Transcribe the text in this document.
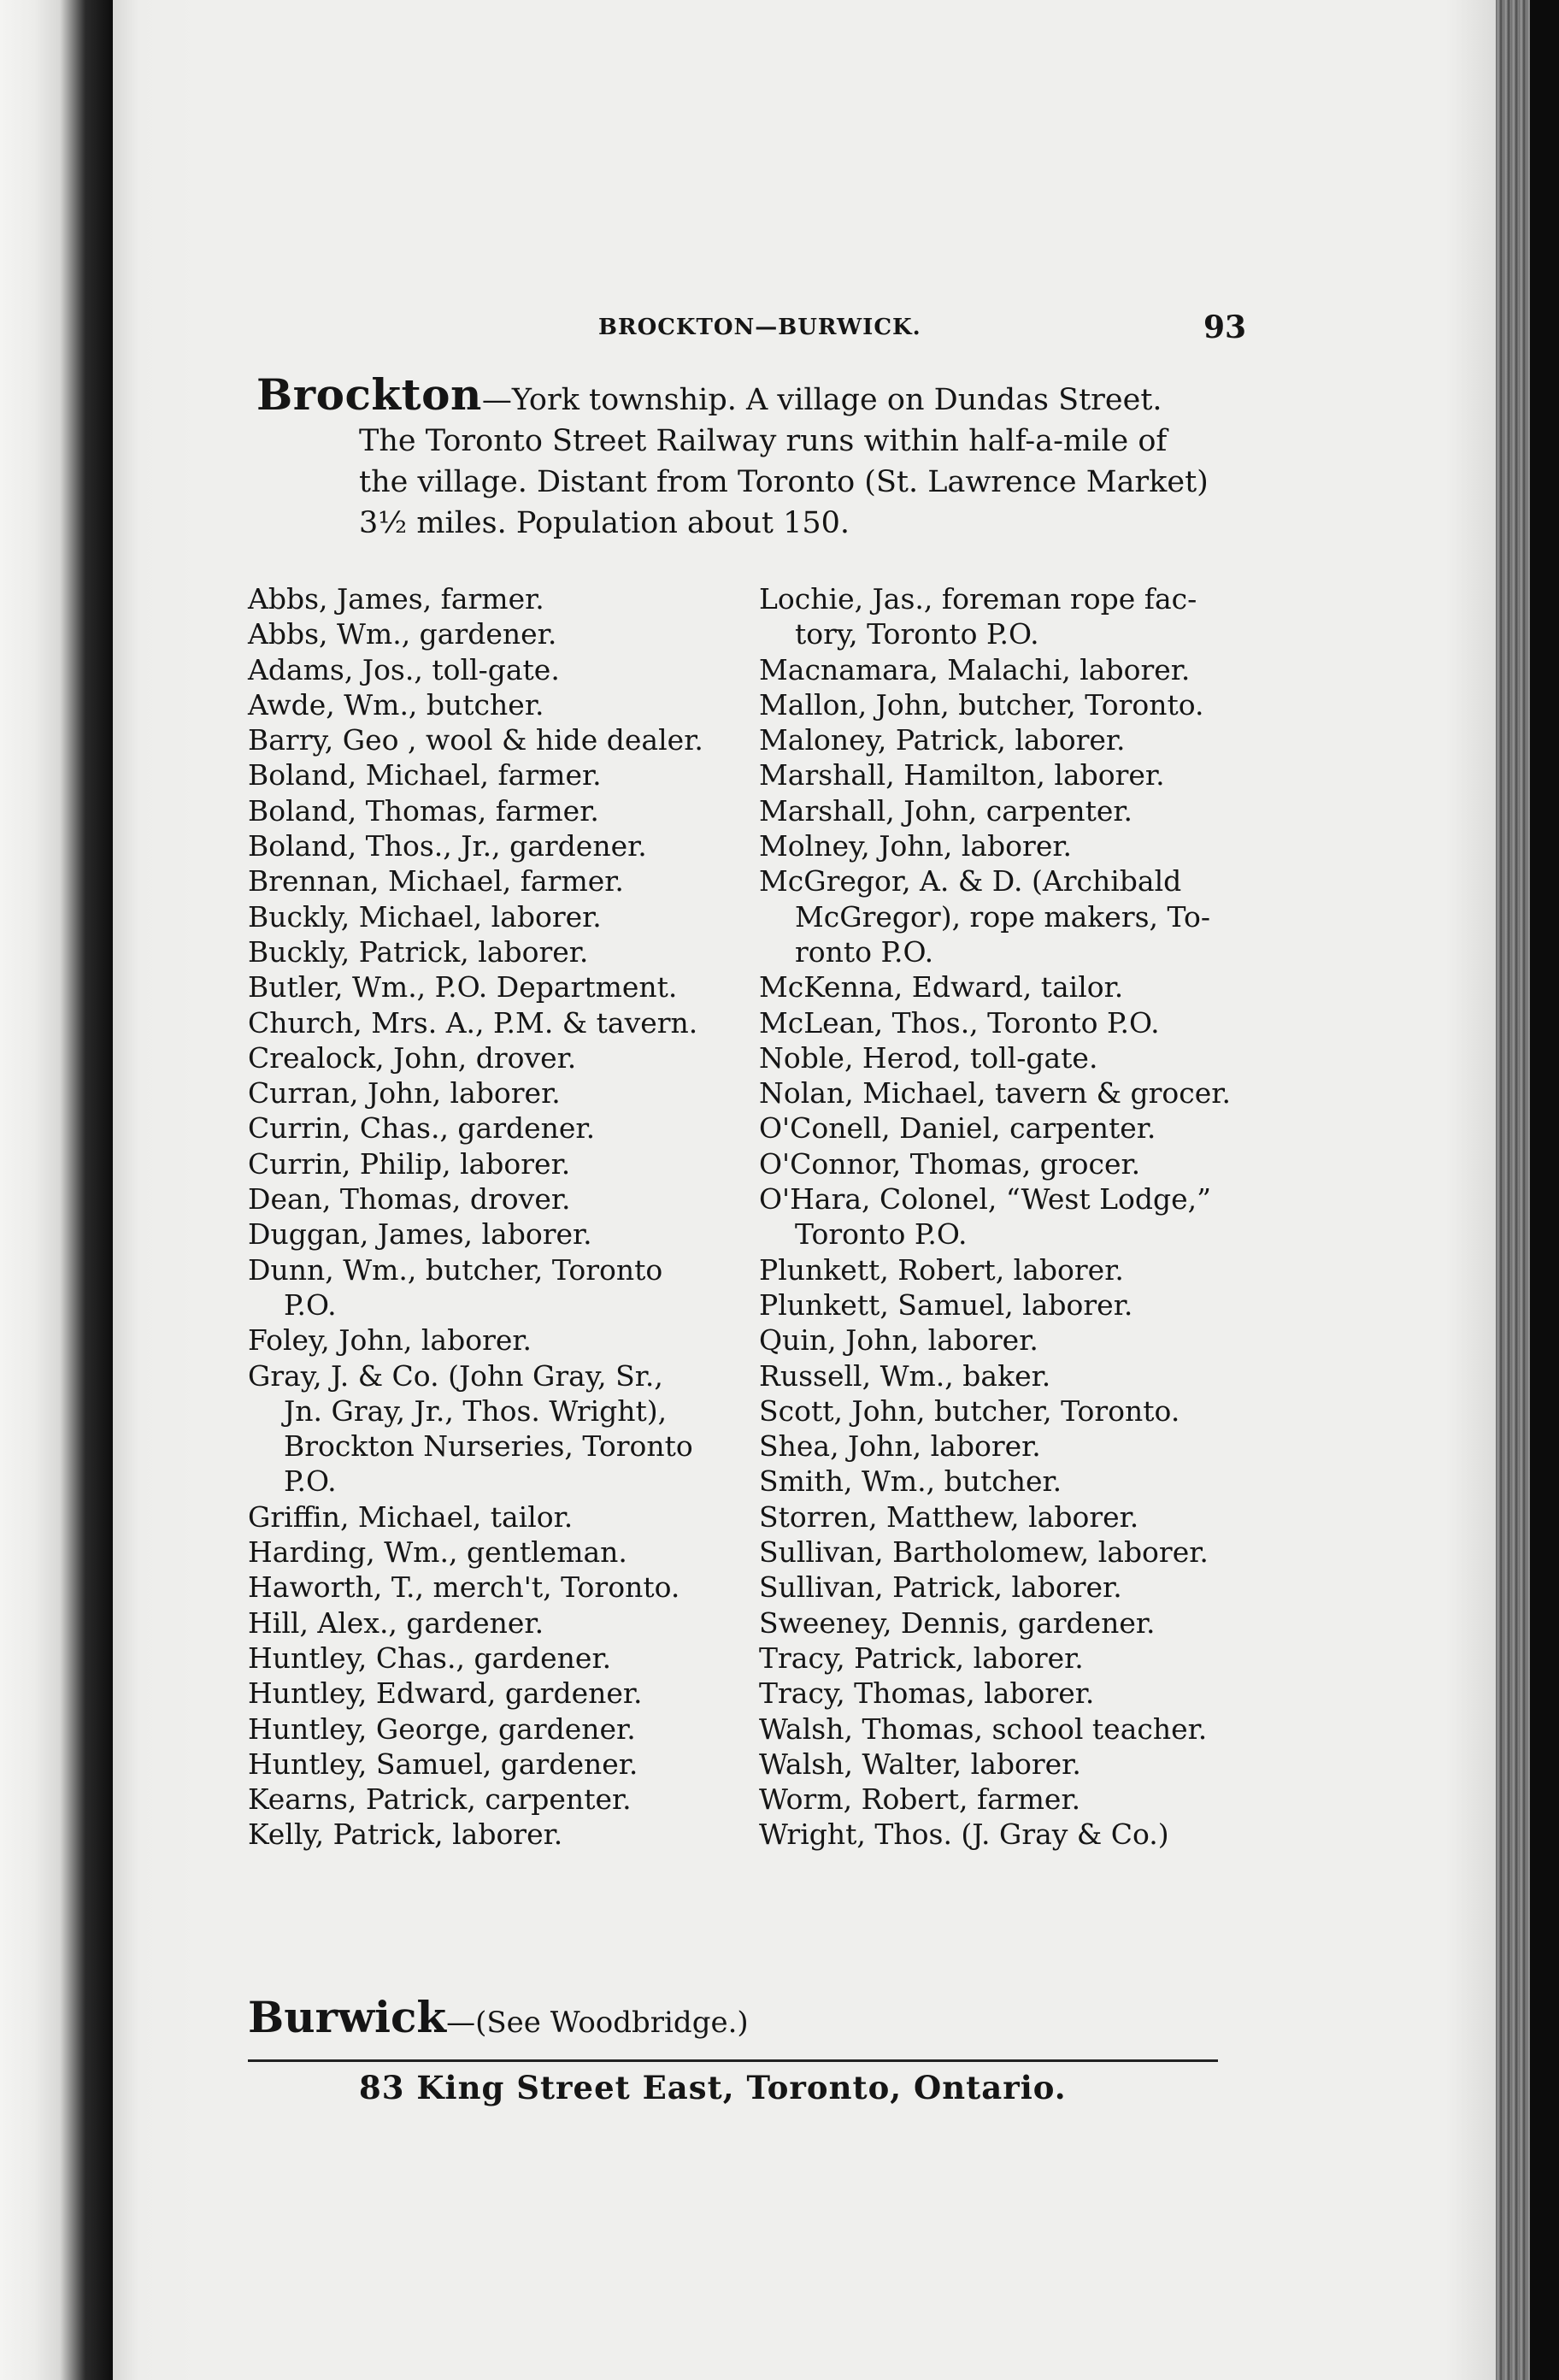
BROCKTON—BURWICK.	93
Brockton—York township. A village on Dundas Street.
The Toronto Street Railway runs within half-a-mile of
the village. Distant from Toronto (St. Lawrence Market)
3½ miles. Population about 150.
Abbs, James, farmer.
Abbs, Wm., gardener.
Adams, Jos., toll-gate.
Awde, Wm., butcher.
Barry, Geo , wool & hide dealer.
Boland, Michael, farmer.
Boland, Thomas, farmer.
Boland, Thos., Jr., gardener.
Brennan, Michael, farmer.
Buckly, Michael, laborer.
Buckly, Patrick, laborer.
Butler, Wm., P.O. Department.
Church, Mrs. A., P.M. & tavern.
Crealock, John, drover.
Curran, John, laborer.
Currin, Chas., gardener.
Currin, Philip, laborer.
Dean, Thomas, drover.
Duggan, James, laborer.
Dunn, Wm., butcher, Toronto
P.O.
Foley, John, laborer.
Gray, J. & Co. (John Gray, Sr.,
Jn. Gray, Jr., Thos. Wright),
Brockton Nurseries, Toronto
P.O.
Griffin, Michael, tailor.
Harding, Wm., gentleman.
Haworth, T., merch't, Toronto.
Hill, Alex., gardener.
Huntley, Chas., gardener.
Huntley, Edward, gardener.
Huntley, George, gardener.
Huntley, Samuel, gardener.
Kearns, Patrick, carpenter.
Kelly, Patrick, laborer.
Lochie, Jas., foreman rope fac-
tory, Toronto P.O.
Macnamara, Malachi, laborer.
Mallon, John, butcher, Toronto.
Maloney, Patrick, laborer.
Marshall, Hamilton, laborer.
Marshall, John, carpenter.
Molney, John, laborer.
McGregor, A. & D. (Archibald
McGregor), rope makers, To-
ronto P.O.
McKenna, Edward, tailor.
McLean, Thos., Toronto P.O.
Noble, Herod, toll-gate.
Nolan, Michael, tavern & grocer.
O'Conell, Daniel, carpenter.
O'Connor, Thomas, grocer.
O'Hara, Colonel, “West Lodge,”
Toronto P.O.
Plunkett, Robert, laborer.
Plunkett, Samuel, laborer.
Quin, John, laborer.
Russell, Wm., baker.
Scott, John, butcher, Toronto.
Shea, John, laborer.
Smith, Wm., butcher.
Storren, Matthew, laborer.
Sullivan, Bartholomew, laborer.
Sullivan, Patrick, laborer.
Sweeney, Dennis, gardener.
Tracy, Patrick, laborer.
Tracy, Thomas, laborer.
Walsh, Thomas, school teacher.
Walsh, Walter, laborer.
Worm, Robert, farmer.
Wright, Thos. (J. Gray & Co.)
Burwick—(See Woodbridge.)
83 King Street East, Toronto, Ontario.
